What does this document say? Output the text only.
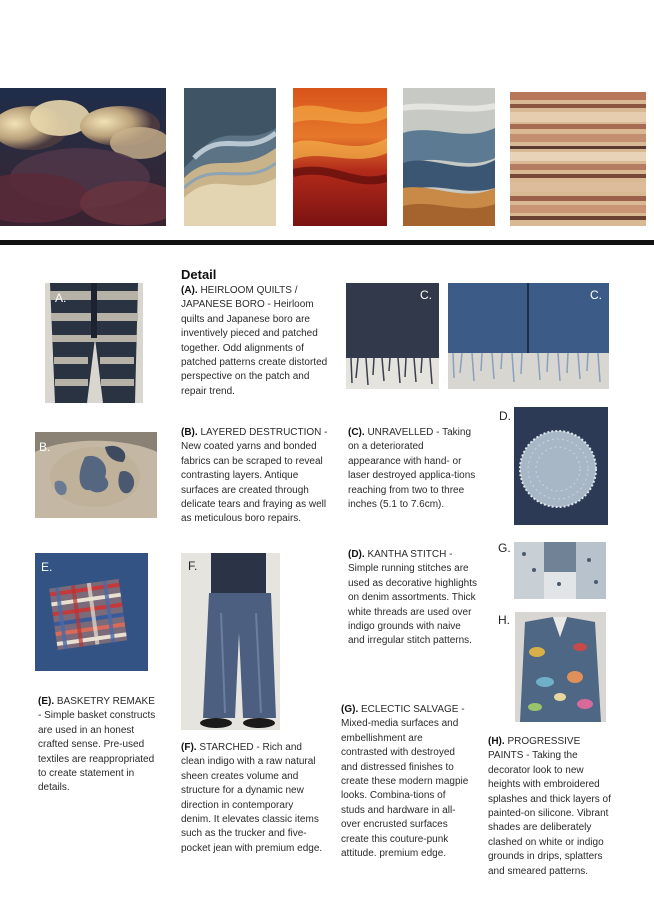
A.
B.
E.	F.
C.	C.
D.
G.
H.
Detail
(A). HEIRLOOM QUILTS / JAPANESE BORO - Heirloom quilts and Japanese boro are inventively pieced and patched together. Odd alignments of patched patterns create distorted perspective on the patch and repair trend.
(B). LAYERED DESTRUCTION - New coated yarns and bonded fabrics can be scraped to reveal contrasting layers. Antique surfaces are created through delicate tears and fraying as well as meticulous boro repairs.
(C). UNRAVELLED - Taking on a deteriorated appearance with hand- or laser destroyed applica-tions reaching from two to three inches (5.1 to 7.6cm).
(D). KANTHA STITCH - Simple running stitches are used as decorative highlights on denim assortments. Thick white threads are used over indigo grounds with naive and irregular stitch patterns.
(E). BASKETRY REMAKE - Simple basket constructs are used in an honest crafted sense. Pre-used textiles are reappropriated to create statement in details.
(F). STARCHED - Rich and clean indigo with a raw natural sheen creates volume and structure for a dynamic new direction in contemporary denim. It elevates classic items such as the trucker and five-pocket jean with premium edge.
(G). ECLECTIC SALVAGE - Mixed-media surfaces and embellishment are contrasted with destroyed and distressed finishes to create these modern magpie looks. Combina-tions of studs and hardware in all-over encrusted surfaces create this couture-punk attitude. premium edge.
(H). PROGRESSIVE PAINTS - Taking the decorator look to new heights with embroidered splashes and thick layers of painted-on silicone. Vibrant shades are deliberately clashed on white or indigo grounds in drips, splatters and smeared patterns.
